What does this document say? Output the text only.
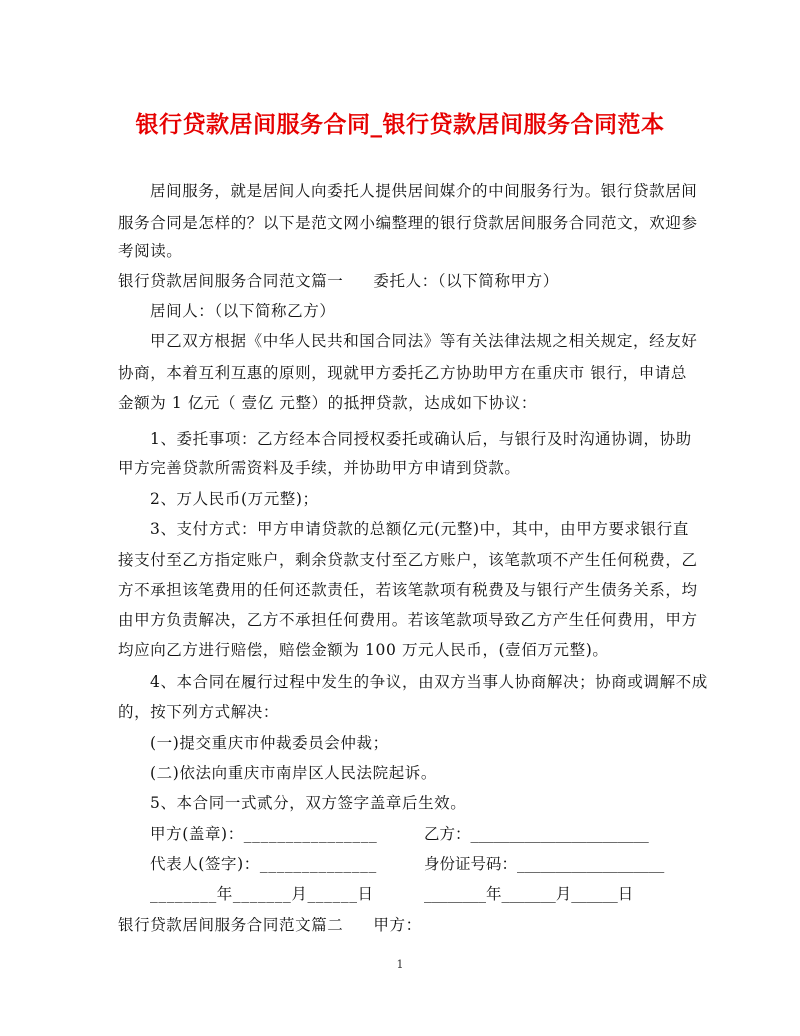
银行贷款居间服务合同_银行贷款居间服务合同范本
居间服务，就是居间人向委托人提供居间媒介的中间服务行为。银行贷款居间
服务合同是怎样的？以下是范文网小编整理的银行贷款居间服务合同范文，欢迎参
考阅读。
银行贷款居间服务合同范文篇一 委托人：（以下简称甲方）
居间人：（以下简称乙方）
甲乙双方根据《中华人民共和国合同法》等有关法律法规之相关规定，经友好
协商，本着互利互惠的原则，现就甲方委托乙方协助甲方在重庆市 银行，申请总
金额为 1 亿元（ 壹亿 元整）的抵押贷款，达成如下协议：
1、委托事项：乙方经本合同授权委托或确认后，与银行及时沟通协调，协助
甲方完善贷款所需资料及手续，并协助甲方申请到贷款。
2、万人民币(万元整)；
3、支付方式：甲方申请贷款的总额亿元(元整)中，其中，由甲方要求银行直
接支付至乙方指定账户，剩余贷款支付至乙方账户，该笔款项不产生任何税费，乙
方不承担该笔费用的任何还款责任，若该笔款项有税费及与银行产生债务关系，均
由甲方负责解决，乙方不承担任何费用。若该笔款项导致乙方产生任何费用，甲方
均应向乙方进行赔偿，赔偿金额为 100 万元人民币，(壹佰万元整)。
4、本合同在履行过程中发生的争议，由双方当事人协商解决；协商或调解不成
的，按下列方式解决：
(一)提交重庆市仲裁委员会仲裁；
(二)依法向重庆市南岸区人民法院起诉。
5、本合同一式贰分，双方签字盖章后生效。
甲方(盖章)：________________	乙方：_______________________
代表人(签字)：______________	身份证号码：___________________
________年_______月______日	________年_______月______日
银行贷款居间服务合同范文篇二 甲方：
1
